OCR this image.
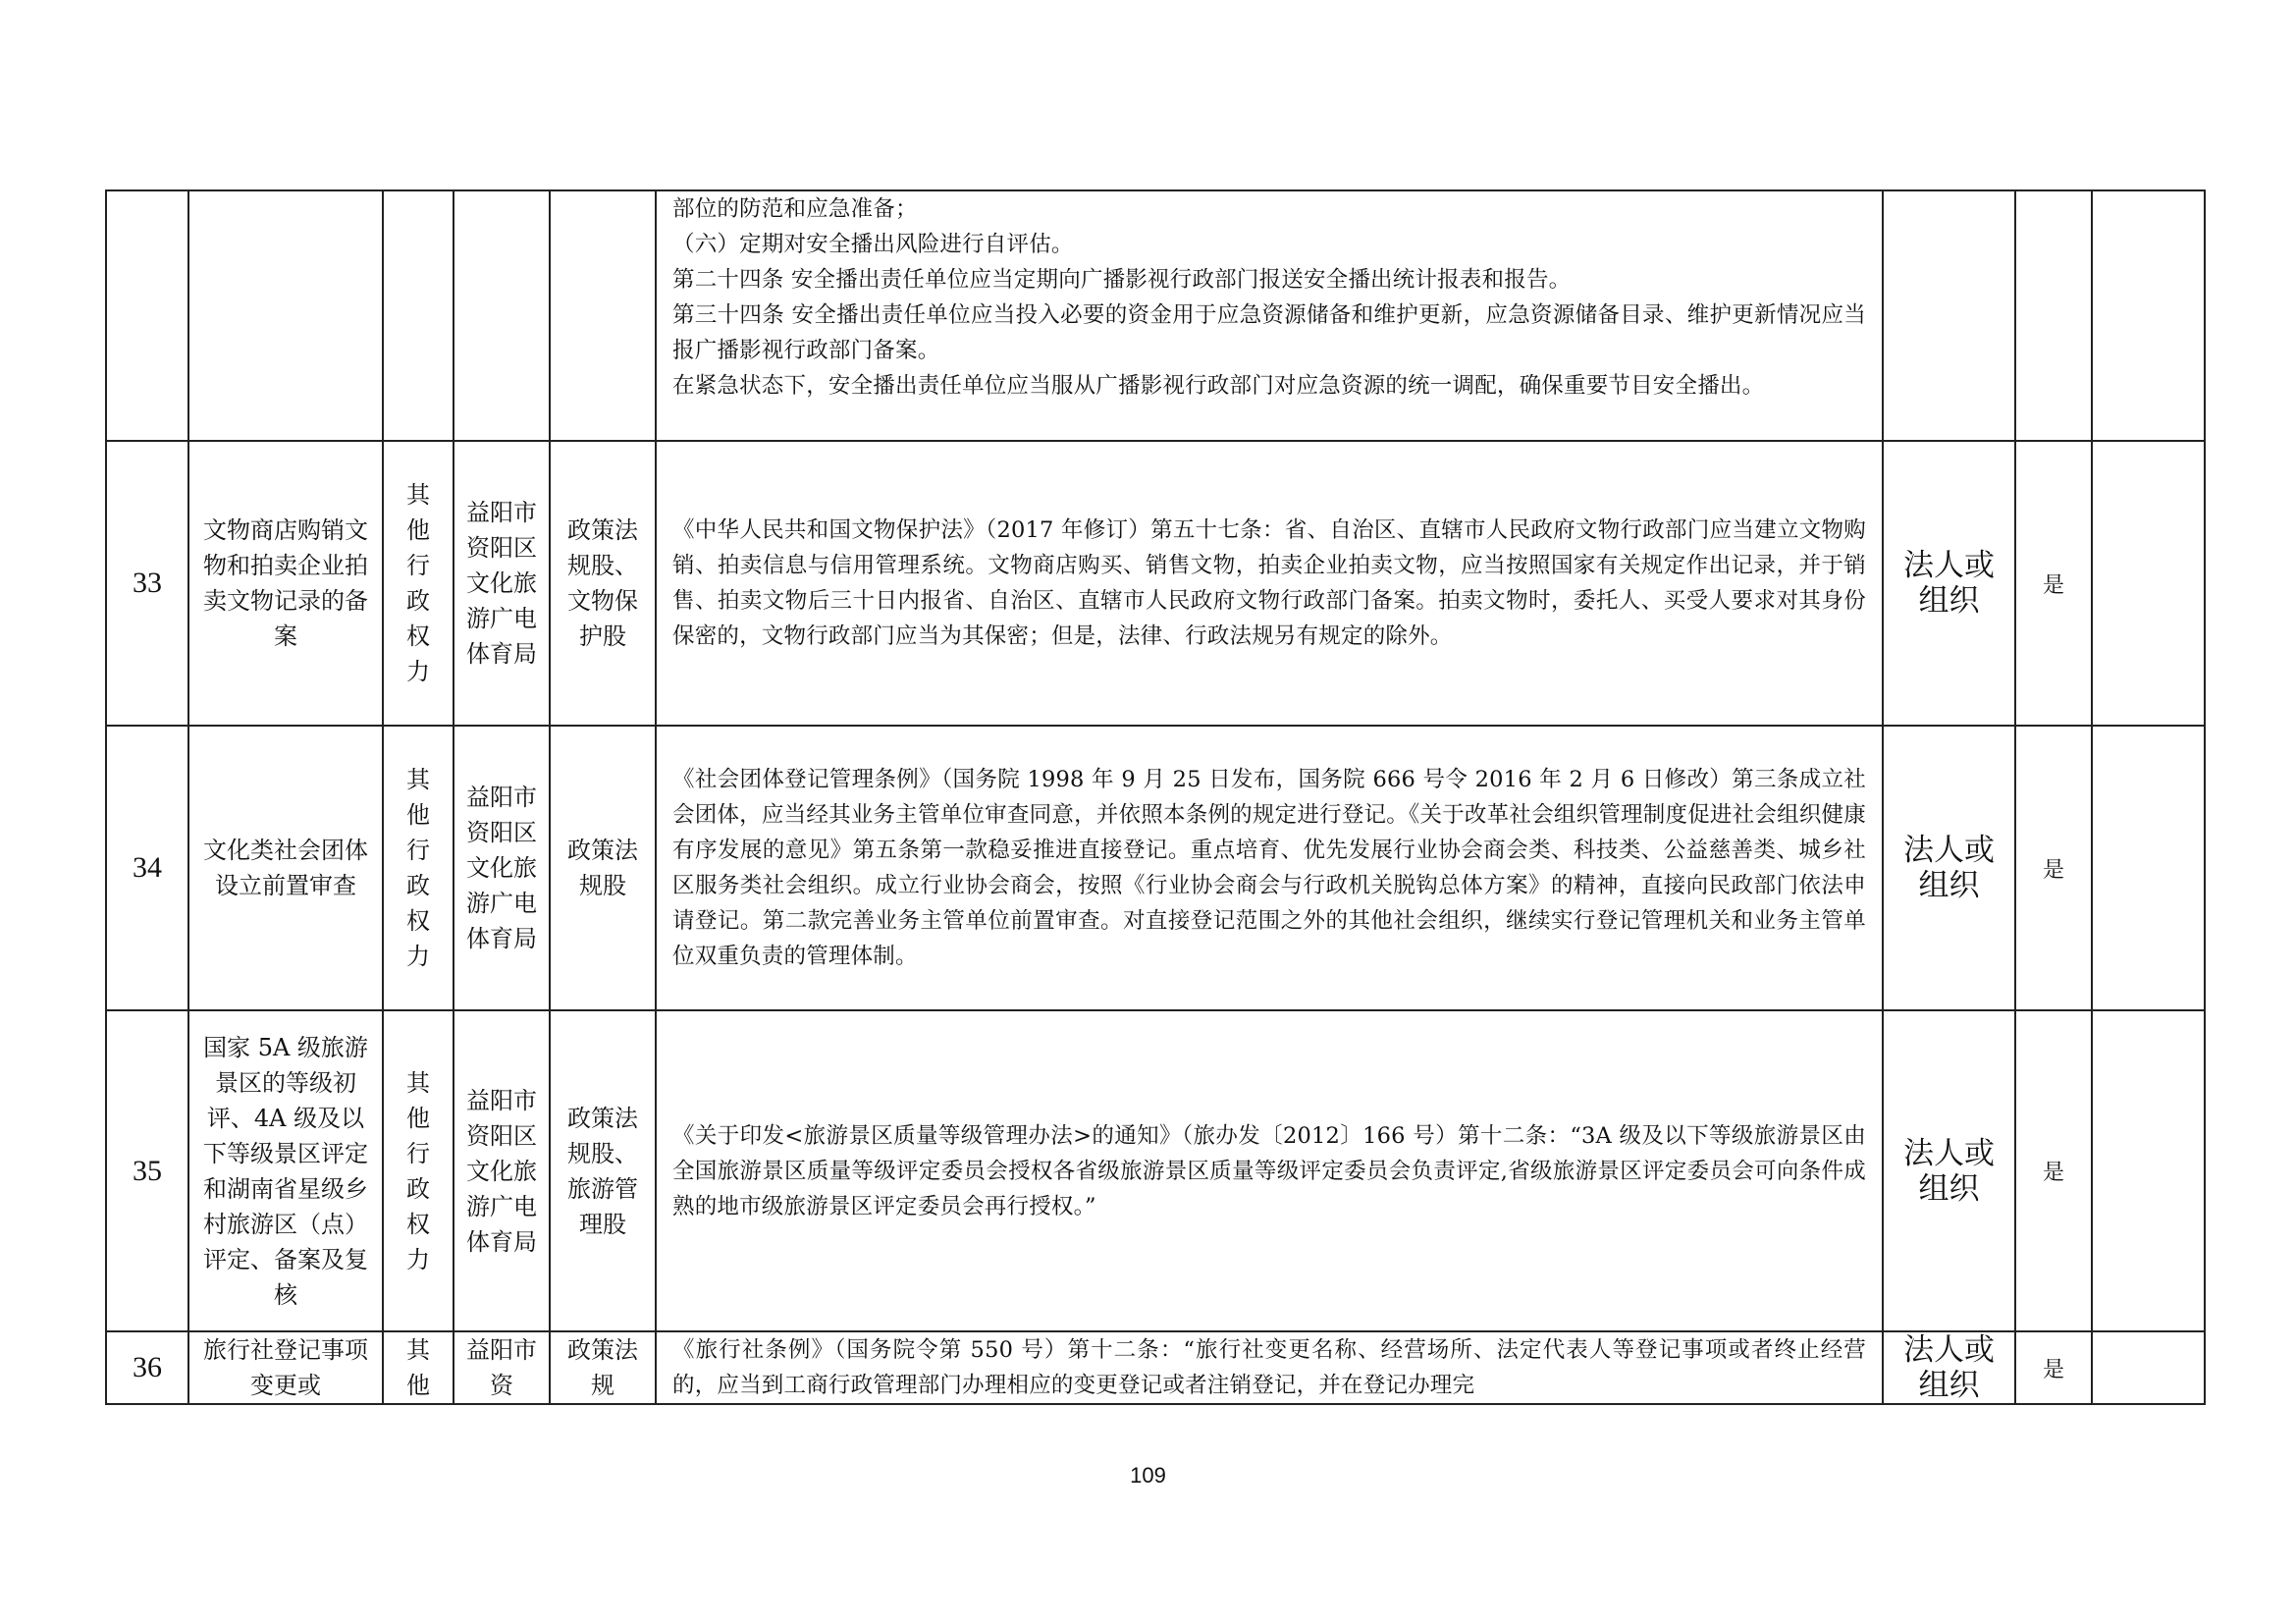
					部位的防范和应急准备；
（六）定期对安全播出风险进行自评估。
第二十四条 安全播出责任单位应当定期向广播影视行政部门报送安全播出统计报表和报告。
第三十四条 安全播出责任单位应当投入必要的资金用于应急资源储备和维护更新，应急资源储备目录、维护更新情况应当报广播影视行政部门备案。
在紧急状态下，安全播出责任单位应当服从广播影视行政部门对应急资源的统一调配，确保重要节目安全播出。			

33	文物商店购销文物和拍卖企业拍卖文物记录的备案	其他行政权力	益阳市资阳区文化旅游广电体育局	政策法规股、文物保护股	《中华人民共和国文物保护法》（2017 年修订）第五十七条：省、自治区、直辖市人民政府文物行政部门应当建立文物购销、拍卖信息与信用管理系统。文物商店购买、销售文物，拍卖企业拍卖文物，应当按照国家有关规定作出记录，并于销售、拍卖文物后三十日内报省、自治区、直辖市人民政府文物行政部门备案。拍卖文物时，委托人、买受人要求对其身份保密的，文物行政部门应当为其保密；但是，法律、行政法规另有规定的除外。	法人或组织	是	
34	文化类社会团体设立前置审查	其他行政权力	益阳市资阳区文化旅游广电体育局	政策法规股	《社会团体登记管理条例》（国务院 1998 年 9 月 25 日发布，国务院 666 号令 2016 年 2 月 6 日修改）第三条成立社会团体，应当经其业务主管单位审查同意，并依照本条例的规定进行登记。《关于改革社会组织管理制度促进社会组织健康有序发展的意见》第五条第一款稳妥推进直接登记。重点培育、优先发展行业协会商会类、科技类、公益慈善类、城乡社区服务类社会组织。成立行业协会商会，按照《行业协会商会与行政机关脱钩总体方案》的精神，直接向民政部门依法申请登记。第二款完善业务主管单位前置审查。对直接登记范围之外的其他社会组织，继续实行登记管理机关和业务主管单位双重负责的管理体制。	法人或组织	是	
35	国家 5A 级旅游景区的等级初评、4A 级及以下等级景区评定和湖南省星级乡村旅游区（点）评定、备案及复核	其他行政权力	益阳市资阳区文化旅游广电体育局	政策法规股、旅游管理股	《关于印发<旅游景区质量等级管理办法>的通知》（旅办发〔2012〕166 号）第十二条：“3A 级及以下等级旅游景区由全国旅游景区质量等级评定委员会授权各省级旅游景区质量等级评定委员会负责评定,省级旅游景区评定委员会可向条件成熟的地市级旅游景区评定委员会再行授权。”	法人或组织	是	
36	旅行社登记事项变更或	其他	益阳市资	政策法规	《旅行社条例》（国务院令第 550 号）第十二条：“旅行社变更名称、经营场所、法定代表人等登记事项或者终止经营的，应当到工商行政管理部门办理相应的变更登记或者注销登记，并在登记办理完	法人或组织	是	
109
